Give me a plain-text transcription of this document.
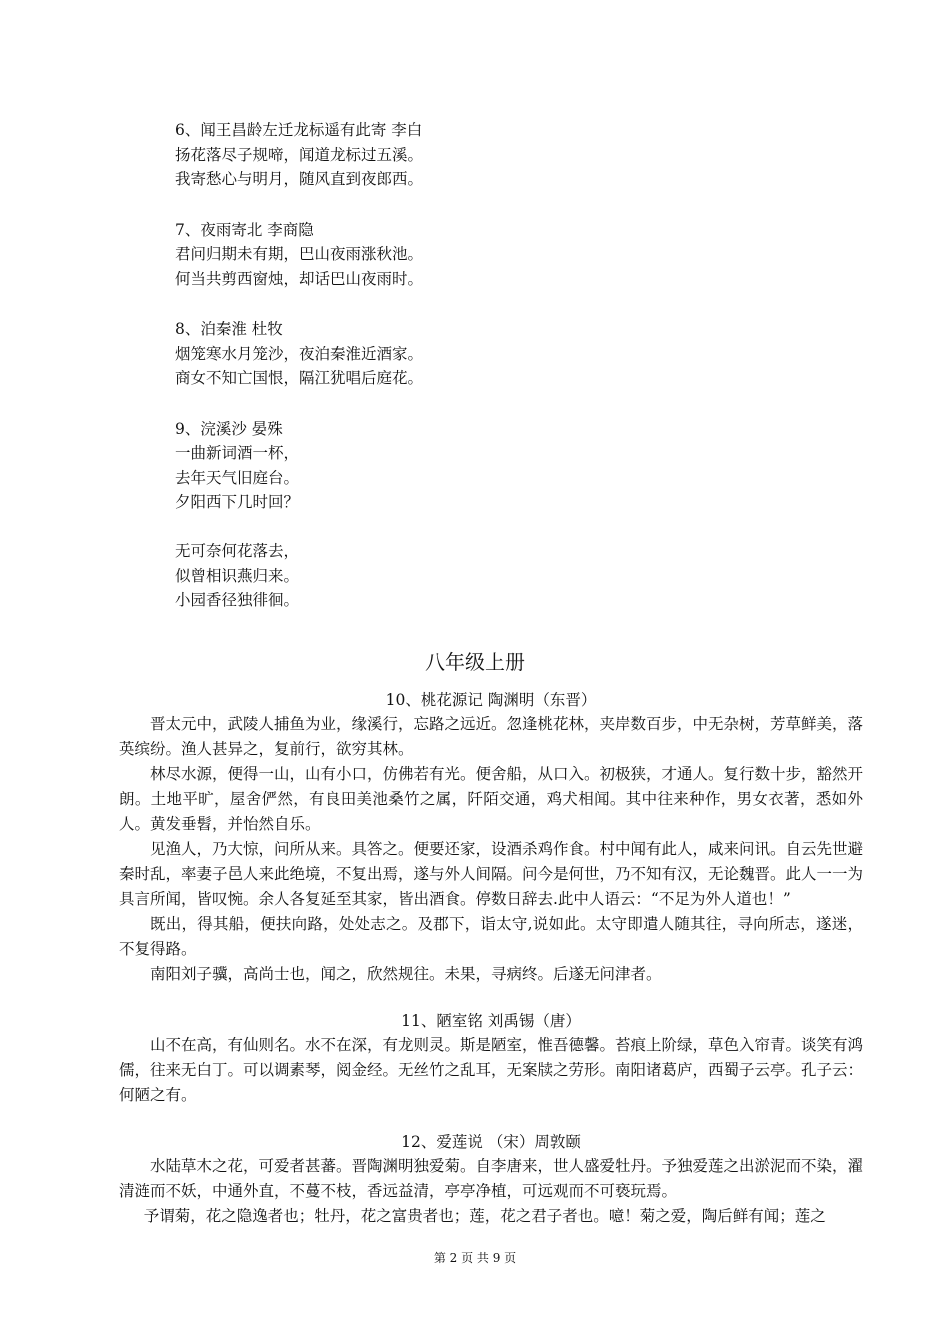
6、闻王昌龄左迁龙标遥有此寄 李白
扬花落尽子规啼，闻道龙标过五溪。
我寄愁心与明月，随风直到夜郎西。
7、夜雨寄北 李商隐
君问归期未有期，巴山夜雨涨秋池。
何当共剪西窗烛，却话巴山夜雨时。
8、泊秦淮 杜牧
烟笼寒水月笼沙，夜泊秦淮近酒家。
商女不知亡国恨，隔江犹唱后庭花。
9、浣溪沙 晏殊
一曲新词酒一杯，
去年天气旧庭台。
夕阳西下几时回？
无可奈何花落去，
似曾相识燕归来。
小园香径独徘徊。
八年级上册
10、桃花源记 陶渊明（东晋）

晋太元中，武陵人捕鱼为业，缘溪行，忘路之远近。忽逢桃花林，夹岸数百步，中无杂树，芳草鲜美，落英缤纷。渔人甚异之，复前行，欲穷其林。

林尽水源，便得一山，山有小口，仿佛若有光。便舍船，从口入。初极狭，才通人。复行数十步，豁然开朗。土地平旷，屋舍俨然，有良田美池桑竹之属，阡陌交通，鸡犬相闻。其中往来种作，男女衣著，悉如外人。黄发垂髫，并怡然自乐。

见渔人，乃大惊，问所从来。具答之。便要还家，设酒杀鸡作食。村中闻有此人，咸来问讯。自云先世避秦时乱，率妻子邑人来此绝境，不复出焉，遂与外人间隔。问今是何世，乃不知有汉，无论魏晋。此人一一为具言所闻，皆叹惋。余人各复延至其家，皆出酒食。停数日辞去.此中人语云：“不足为外人道也！”

既出，得其船，便扶向路，处处志之。及郡下，诣太守,说如此。太守即遣人随其往，寻向所志，遂迷，不复得路。

南阳刘子骥，高尚士也，闻之，欣然规往。未果，寻病终。后遂无问津者。

11、陋室铭 刘禹锡（唐）

山不在高，有仙则名。水不在深，有龙则灵。斯是陋室，惟吾德馨。苔痕上阶绿，草色入帘青。谈笑有鸿儒，往来无白丁。可以调素琴，阅金经。无丝竹之乱耳，无案牍之劳形。南阳诸葛庐，西蜀子云亭。孔子云：何陋之有。

12、爱莲说 （宋）周敦颐

水陆草木之花，可爱者甚蕃。晋陶渊明独爱菊。自李唐来，世人盛爱牡丹。予独爱莲之出淤泥而不染，濯清涟而不妖，中通外直，不蔓不枝，香远益清，亭亭净植，可远观而不可亵玩焉。

予谓菊，花之隐逸者也；牡丹，花之富贵者也；莲，花之君子者也。噫！菊之爱，陶后鲜有闻；莲之

第 2 页 共 9 页
